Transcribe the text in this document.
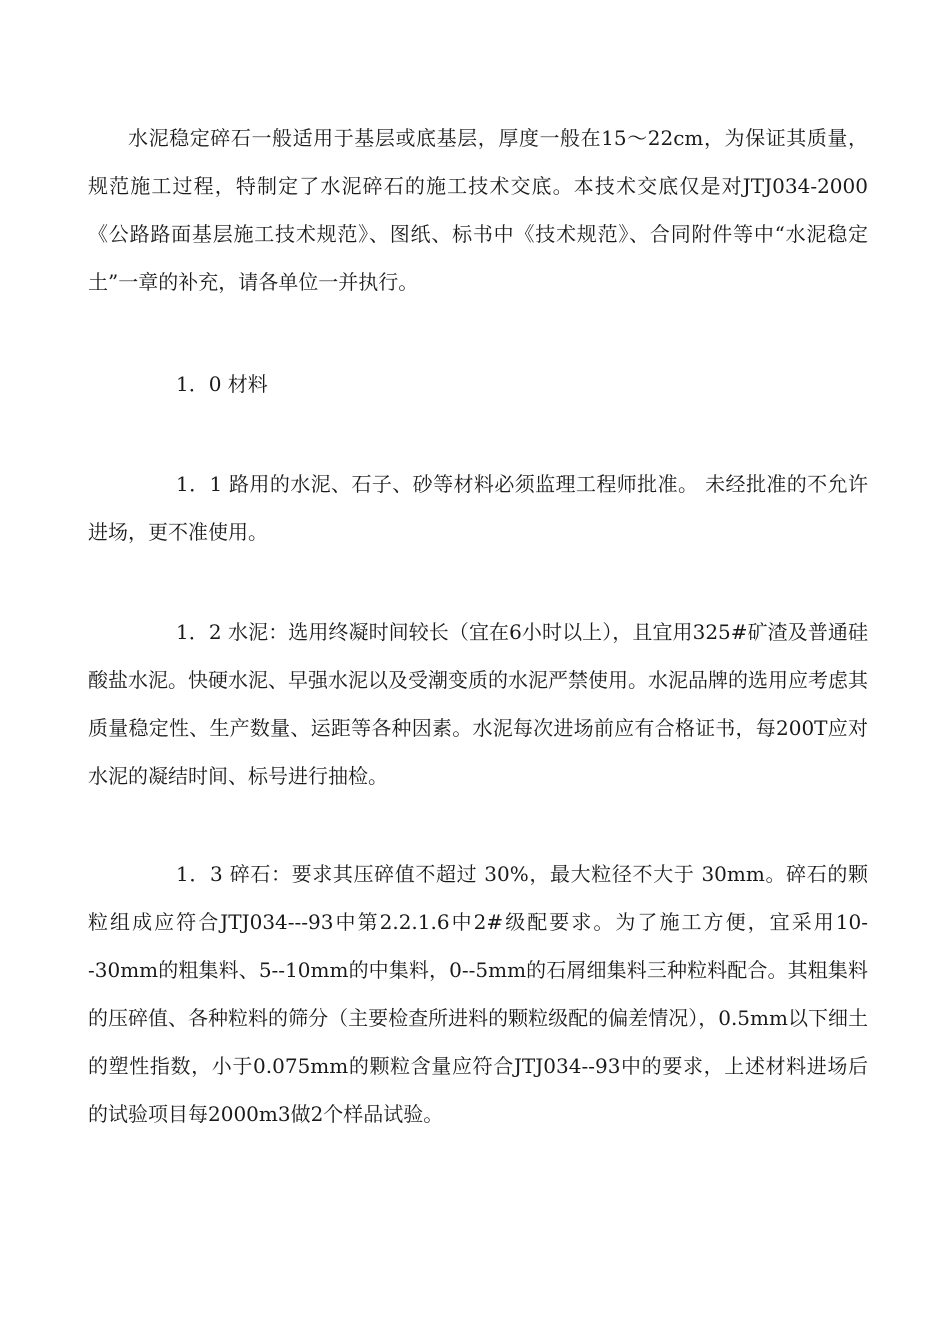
水泥稳定碎石一般适用于基层或底基层，厚度一般在15～22cm，为保证其质量，规范施工过程，特制定了水泥碎石的施工技术交底。本技术交底仅是对JTJ034-2000《公路路面基层施工技术规范》、图纸、标书中《技术规范》、合同附件等中“水泥稳定土”一章的补充，请各单位一并执行。

1．0 材料

1．1 路用的水泥、石子、砂等材料必须监理工程师批准。 未经批准的不允许进场，更不准使用。

1．2 水泥：选用终凝时间较长（宜在6小时以上），且宜用325#矿渣及普通硅酸盐水泥。快硬水泥、早强水泥以及受潮变质的水泥严禁使用。水泥品牌的选用应考虑其质量稳定性、生产数量、运距等各种因素。水泥每次进场前应有合格证书，每200T应对水泥的凝结时间、标号进行抽检。

1．3 碎石：要求其压碎值不超过 30%，最大粒径不大于 30mm。碎石的颗粒组成应符合JTJ034---93中第2.2.1.6中2#级配要求。为了施工方便，宜采用10--30mm的粗集料、5--10mm的中集料，0--5mm的石屑细集料三种粒料配合。其粗集料的压碎值、各种粒料的筛分（主要检查所进料的颗粒级配的偏差情况），0.5mm以下细土的塑性指数，小于0.075mm的颗粒含量应符合JTJ034--93中的要求，上述材料进场后的试验项目每2000m3做2个样品试验。
